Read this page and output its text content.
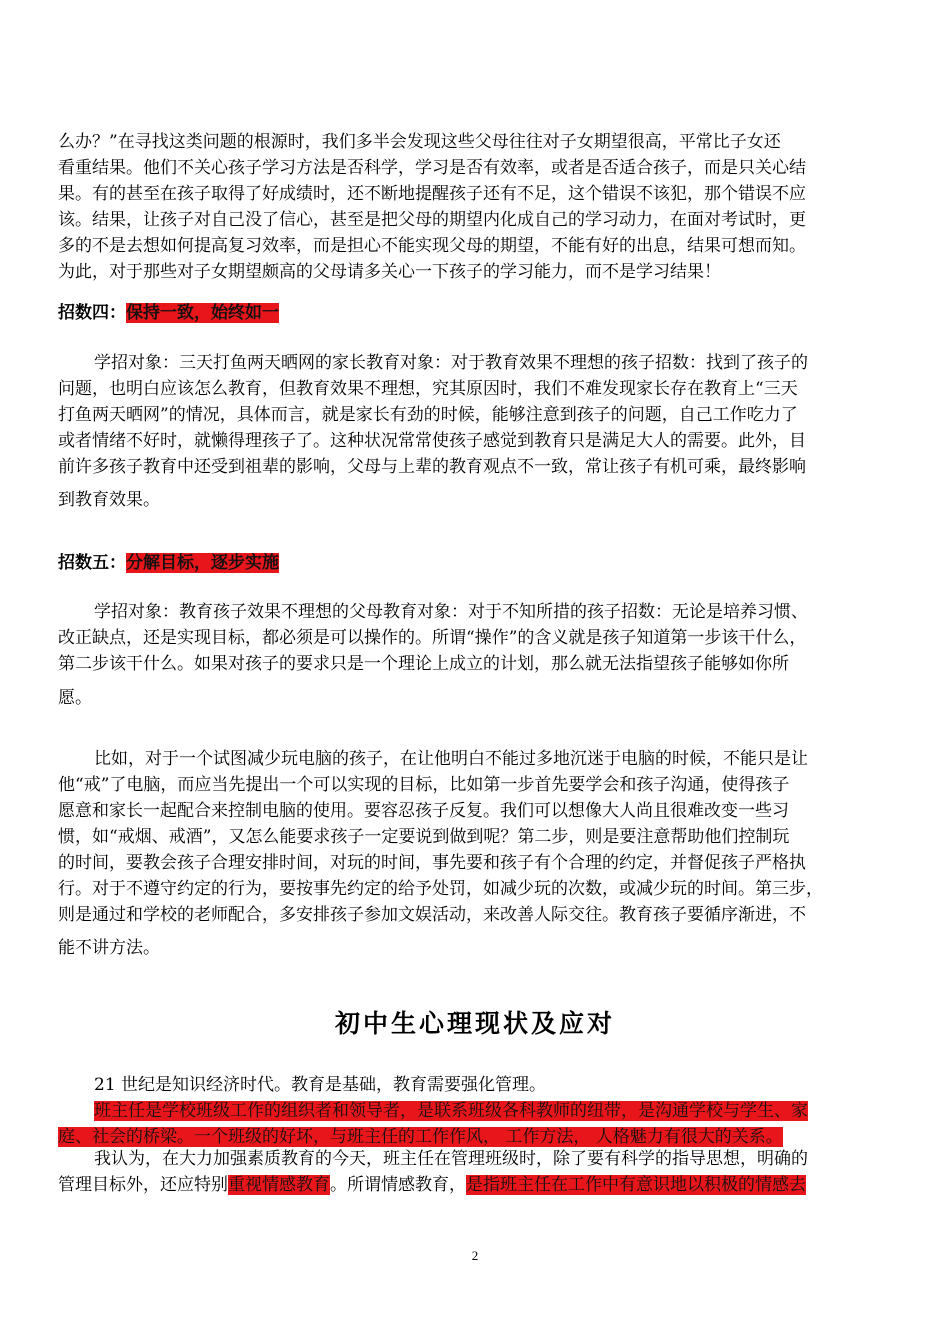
么办？”在寻找这类问题的根源时，我们多半会发现这些父母往往对子女期望很高，平常比子女还
看重结果。他们不关心孩子学习方法是否科学，学习是否有效率，或者是否适合孩子，而是只关心结
果。有的甚至在孩子取得了好成绩时，还不断地提醒孩子还有不足，这个错误不该犯，那个错误不应
该。结果，让孩子对自己没了信心，甚至是把父母的期望内化成自己的学习动力，在面对考试时，更
多的不是去想如何提高复习效率，而是担心不能实现父母的期望，不能有好的出息，结果可想而知。
为此，对于那些对子女期望颇高的父母请多关心一下孩子的学习能力，而不是学习结果！
招数四：保持一致，始终如一
学招对象：三天打鱼两天晒网的家长教育对象：对于教育效果不理想的孩子招数：找到了孩子的
问题，也明白应该怎么教育，但教育效果不理想，究其原因时，我们不难发现家长存在教育上“三天
打鱼两天晒网”的情况，具体而言，就是家长有劲的时候，能够注意到孩子的问题，自己工作吃力了
或者情绪不好时，就懒得理孩子了。这种状况常常使孩子感觉到教育只是满足大人的需要。此外，目
前许多孩子教育中还受到祖辈的影响，父母与上辈的教育观点不一致，常让孩子有机可乘，最终影响
到教育效果。
招数五：分解目标，逐步实施
学招对象：教育孩子效果不理想的父母教育对象：对于不知所措的孩子招数：无论是培养习惯、
改正缺点，还是实现目标，都必须是可以操作的。所谓“操作”的含义就是孩子知道第一步该干什么，
第二步该干什么。如果对孩子的要求只是一个理论上成立的计划，那么就无法指望孩子能够如你所
愿。
比如，对于一个试图减少玩电脑的孩子，在让他明白不能过多地沉迷于电脑的时候，不能只是让
他“戒”了电脑，而应当先提出一个可以实现的目标，比如第一步首先要学会和孩子沟通，使得孩子
愿意和家长一起配合来控制电脑的使用。要容忍孩子反复。我们可以想像大人尚且很难改变一些习
惯，如“戒烟、戒酒”，又怎么能要求孩子一定要说到做到呢？第二步，则是要注意帮助他们控制玩
的时间，要教会孩子合理安排时间，对玩的时间，事先要和孩子有个合理的约定，并督促孩子严格执
行。对于不遵守约定的行为，要按事先约定的给予处罚，如减少玩的次数，或减少玩的时间。第三步，
则是通过和学校的老师配合，多安排孩子参加文娱活动，来改善人际交往。教育孩子要循序渐进，不
能不讲方法。
初中生心理现状及应对
21 世纪是知识经济时代。教育是基础，教育需要强化管理。
班主任是学校班级工作的组织者和领导者，是联系班级各科教师的纽带，是沟通学校与学生、家
庭、社会的桥梁。一个班级的好坏，与班主任的工作作风， 工作方法， 人格魅力有很大的关系。
我认为，在大力加强素质教育的今天，班主任在管理班级时，除了要有科学的指导思想，明确的
管理目标外，还应特别重视情感教育。所谓情感教育，是指班主任在工作中有意识地以积极的情感去
2
